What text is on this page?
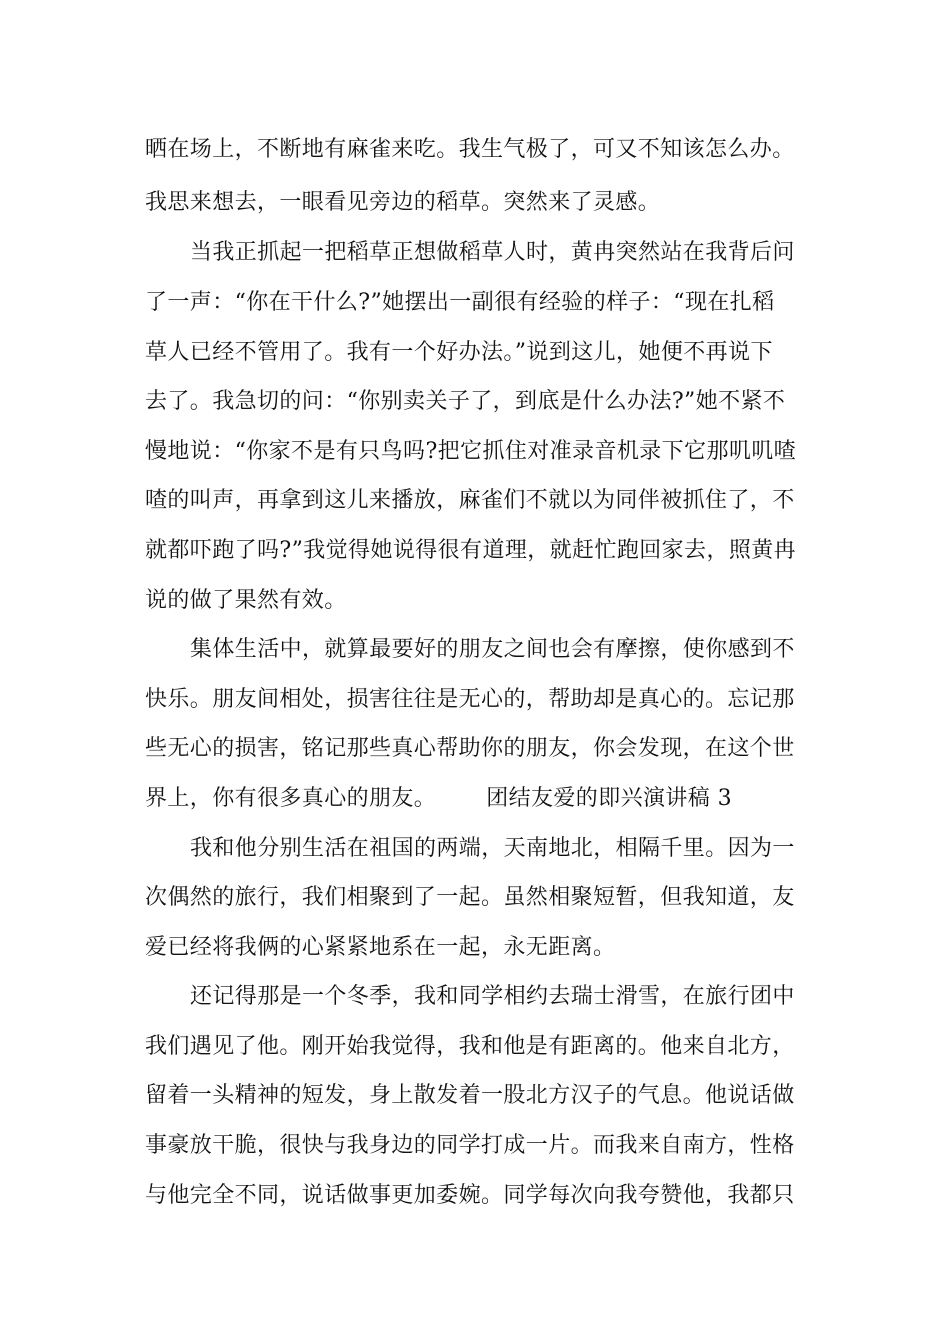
晒在场上，不断地有麻雀来吃。我生气极了，可又不知该怎么办。
我思来想去，一眼看见旁边的稻草。突然来了灵感。
当我正抓起一把稻草正想做稻草人时，黄冉突然站在我背后问
了一声：“你在干什么?”她摆出一副很有经验的样子：“现在扎稻
草人已经不管用了。我有一个好办法。”说到这儿，她便不再说下
去了。我急切的问：“你别卖关子了，到底是什么办法?”她不紧不
慢地说：“你家不是有只鸟吗?把它抓住对准录音机录下它那叽叽喳
喳的叫声，再拿到这儿来播放，麻雀们不就以为同伴被抓住了，不
就都吓跑了吗?”我觉得她说得很有道理，就赶忙跑回家去，照黄冉
说的做了果然有效。
集体生活中，就算最要好的朋友之间也会有摩擦，使你感到不
快乐。朋友间相处，损害往往是无心的，帮助却是真心的。忘记那
些无心的损害，铭记那些真心帮助你的朋友，你会发现，在这个世
界上，你有很多真心的朋友。 团结友爱的即兴演讲稿 3
我和他分别生活在祖国的两端，天南地北，相隔千里。因为一
次偶然的旅行，我们相聚到了一起。虽然相聚短暂，但我知道，友
爱已经将我俩的心紧紧地系在一起，永无距离。
还记得那是一个冬季，我和同学相约去瑞士滑雪，在旅行团中
我们遇见了他。刚开始我觉得，我和他是有距离的。他来自北方，
留着一头精神的短发，身上散发着一股北方汉子的气息。他说话做
事豪放干脆，很快与我身边的同学打成一片。而我来自南方，性格
与他完全不同，说话做事更加委婉。同学每次向我夸赞他，我都只
